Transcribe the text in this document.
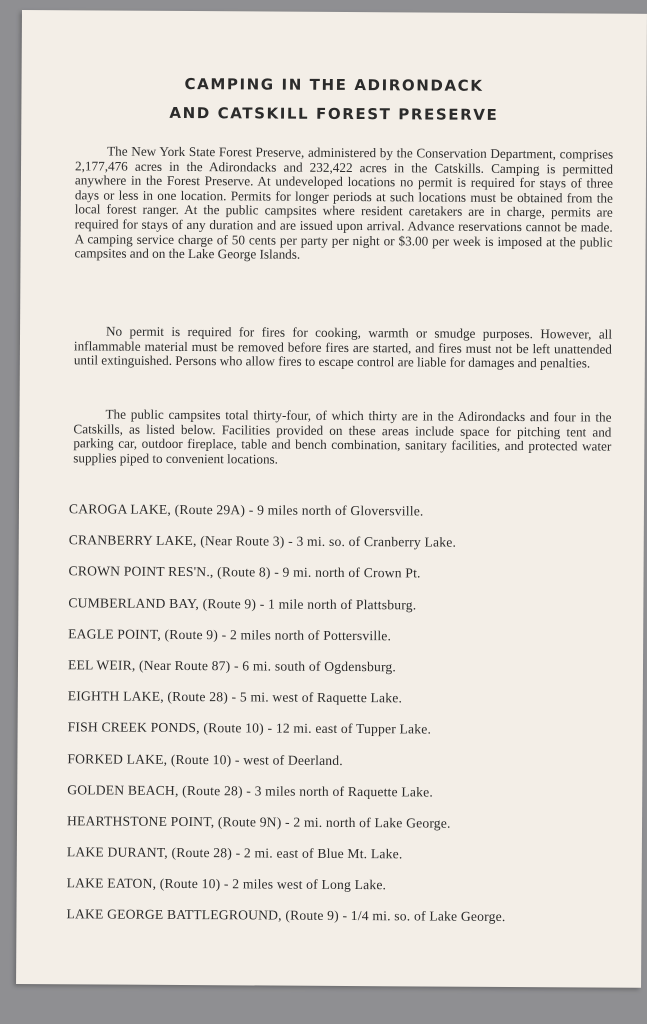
CAMPING IN THE ADIRONDACK
AND CATSKILL FOREST PRESERVE

The New York State Forest Preserve, administered by the Conservation Department, comprises 2,177,476 acres in the Adirondacks and 232,422 acres in the Catskills. Camping is permitted anywhere in the Forest Preserve. At undeveloped locations no permit is required for stays of three days or less in one location. Permits for longer periods at such locations must be obtained from the local forest ranger. At the public campsites where resident caretakers are in charge, permits are required for stays of any duration and are issued upon arrival. Advance reservations cannot be made. A camping service charge of 50 cents per party per night or $3.00 per week is imposed at the public campsites and on the Lake George Islands.

No permit is required for fires for cooking, warmth or smudge purposes. However, all inflammable material must be removed before fires are started, and fires must not be left unattended until extinguished. Persons who allow fires to escape control are liable for damages and penalties.

The public campsites total thirty-four, of which thirty are in the Adirondacks and four in the Catskills, as listed below. Facilities provided on these areas include space for pitching tent and parking car, outdoor fireplace, table and bench combination, sanitary facilities, and protected water supplies piped to convenient locations.

CAROGA LAKE, (Route 29A) - 9 miles north of Gloversville.
CRANBERRY LAKE, (Near Route 3) - 3 mi. so. of Cranberry Lake.
CROWN POINT RES'N., (Route 8) - 9 mi. north of Crown Pt.
CUMBERLAND BAY, (Route 9) - 1 mile north of Plattsburg.
EAGLE POINT, (Route 9) - 2 miles north of Pottersville.
EEL WEIR, (Near Route 87) - 6 mi. south of Ogdensburg.
EIGHTH LAKE, (Route 28) - 5 mi. west of Raquette Lake.
FISH CREEK PONDS, (Route 10) - 12 mi. east of Tupper Lake.
FORKED LAKE, (Route 10) - west of Deerland.
GOLDEN BEACH, (Route 28) - 3 miles north of Raquette Lake.
HEARTHSTONE POINT, (Route 9N) - 2 mi. north of Lake George.
LAKE DURANT, (Route 28) - 2 mi. east of Blue Mt. Lake.
LAKE EATON, (Route 10) - 2 miles west of Long Lake.
LAKE GEORGE BATTLEGROUND, (Route 9) - 1/4 mi. so. of Lake George.
